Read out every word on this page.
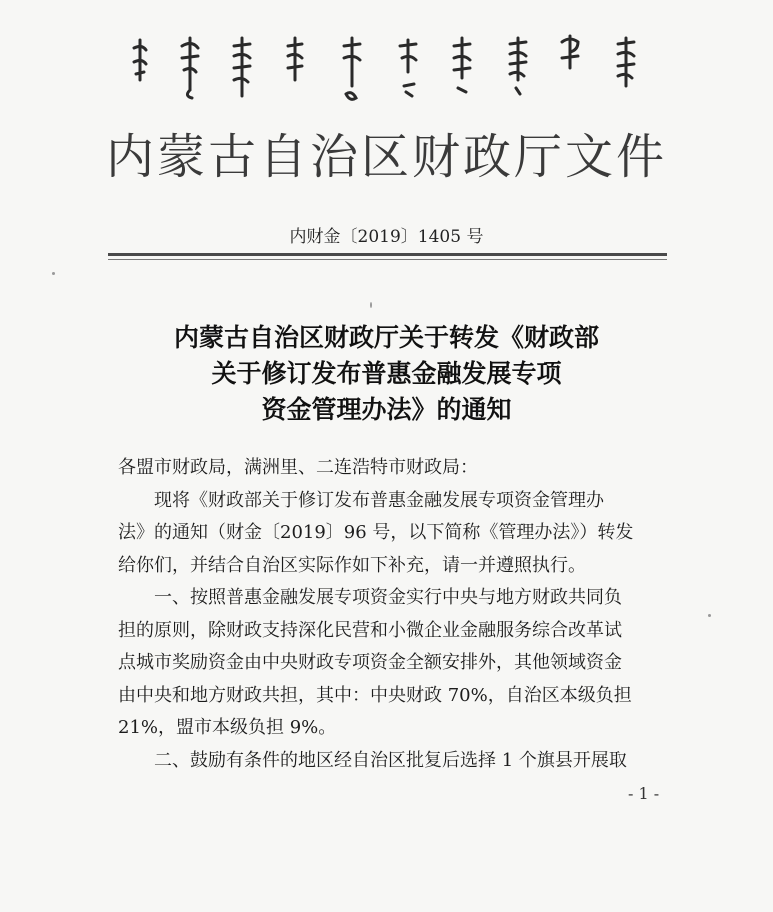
内蒙古自治区财政厅文件
内财金〔2019〕1405 号
内蒙古自治区财政厅关于转发《财政部
关于修订发布普惠金融发展专项
资金管理办法》的通知

各盟市财政局，满洲里、二连浩特市财政局：

现将《财政部关于修订发布普惠金融发展专项资金管理办

法》的通知（财金〔2019〕96 号，以下简称《管理办法》）转发

给你们，并结合自治区实际作如下补充，请一并遵照执行。

一、按照普惠金融发展专项资金实行中央与地方财政共同负

担的原则，除财政支持深化民营和小微企业金融服务综合改革试

点城市奖励资金由中央财政专项资金全额安排外，其他领域资金

由中央和地方财政共担，其中：中央财政 70%，自治区本级负担

21%，盟市本级负担 9%。

二、鼓励有条件的地区经自治区批复后选择 1 个旗县开展取

- 1 -
